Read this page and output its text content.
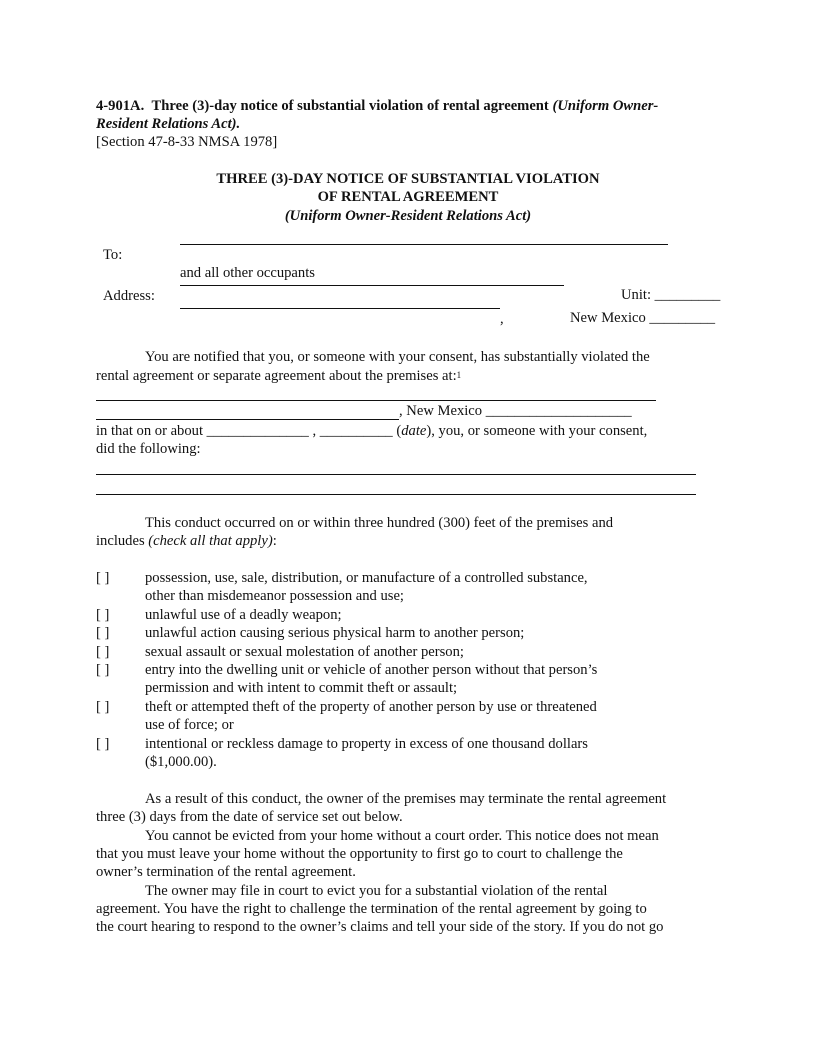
4-901A. Three (3)-day notice of substantial violation of rental agreement (Uniform Owner-
Resident Relations Act).
[Section 47-8-33 NMSA 1978]
THREE (3)-DAY NOTICE OF SUBSTANTIAL VIOLATION
OF RENTAL AGREEMENT
(Uniform Owner-Resident Relations Act)
To:
and all other occupants
Address:	Unit: _________
,	New Mexico _________
You are notified that you, or someone with your consent, has substantially violated the
rental agreement or separate agreement about the premises at:$^1$
, New Mexico ____________________
in that on or about ______________ , __________ (date), you, or someone with your consent,
did the following:
This conduct occurred on or within three hundred (300) feet of the premises and
includes (check all that apply):
[ ] possession, use, sale, distribution, or manufacture of a controlled substance,
other than misdemeanor possession and use;
[ ] unlawful use of a deadly weapon;
[ ] unlawful action causing serious physical harm to another person;
[ ] sexual assault or sexual molestation of another person;
[ ] entry into the dwelling unit or vehicle of another person without that person’s
permission and with intent to commit theft or assault;
[ ] theft or attempted theft of the property of another person by use or threatened
use of force; or
[ ] intentional or reckless damage to property in excess of one thousand dollars
($1,000.00).
As a result of this conduct, the owner of the premises may terminate the rental agreement
three (3) days from the date of service set out below.
You cannot be evicted from your home without a court order. This notice does not mean
that you must leave your home without the opportunity to first go to court to challenge the
owner’s termination of the rental agreement.
The owner may file in court to evict you for a substantial violation of the rental
agreement. You have the right to challenge the termination of the rental agreement by going to
the court hearing to respond to the owner’s claims and tell your side of the story. If you do not go
